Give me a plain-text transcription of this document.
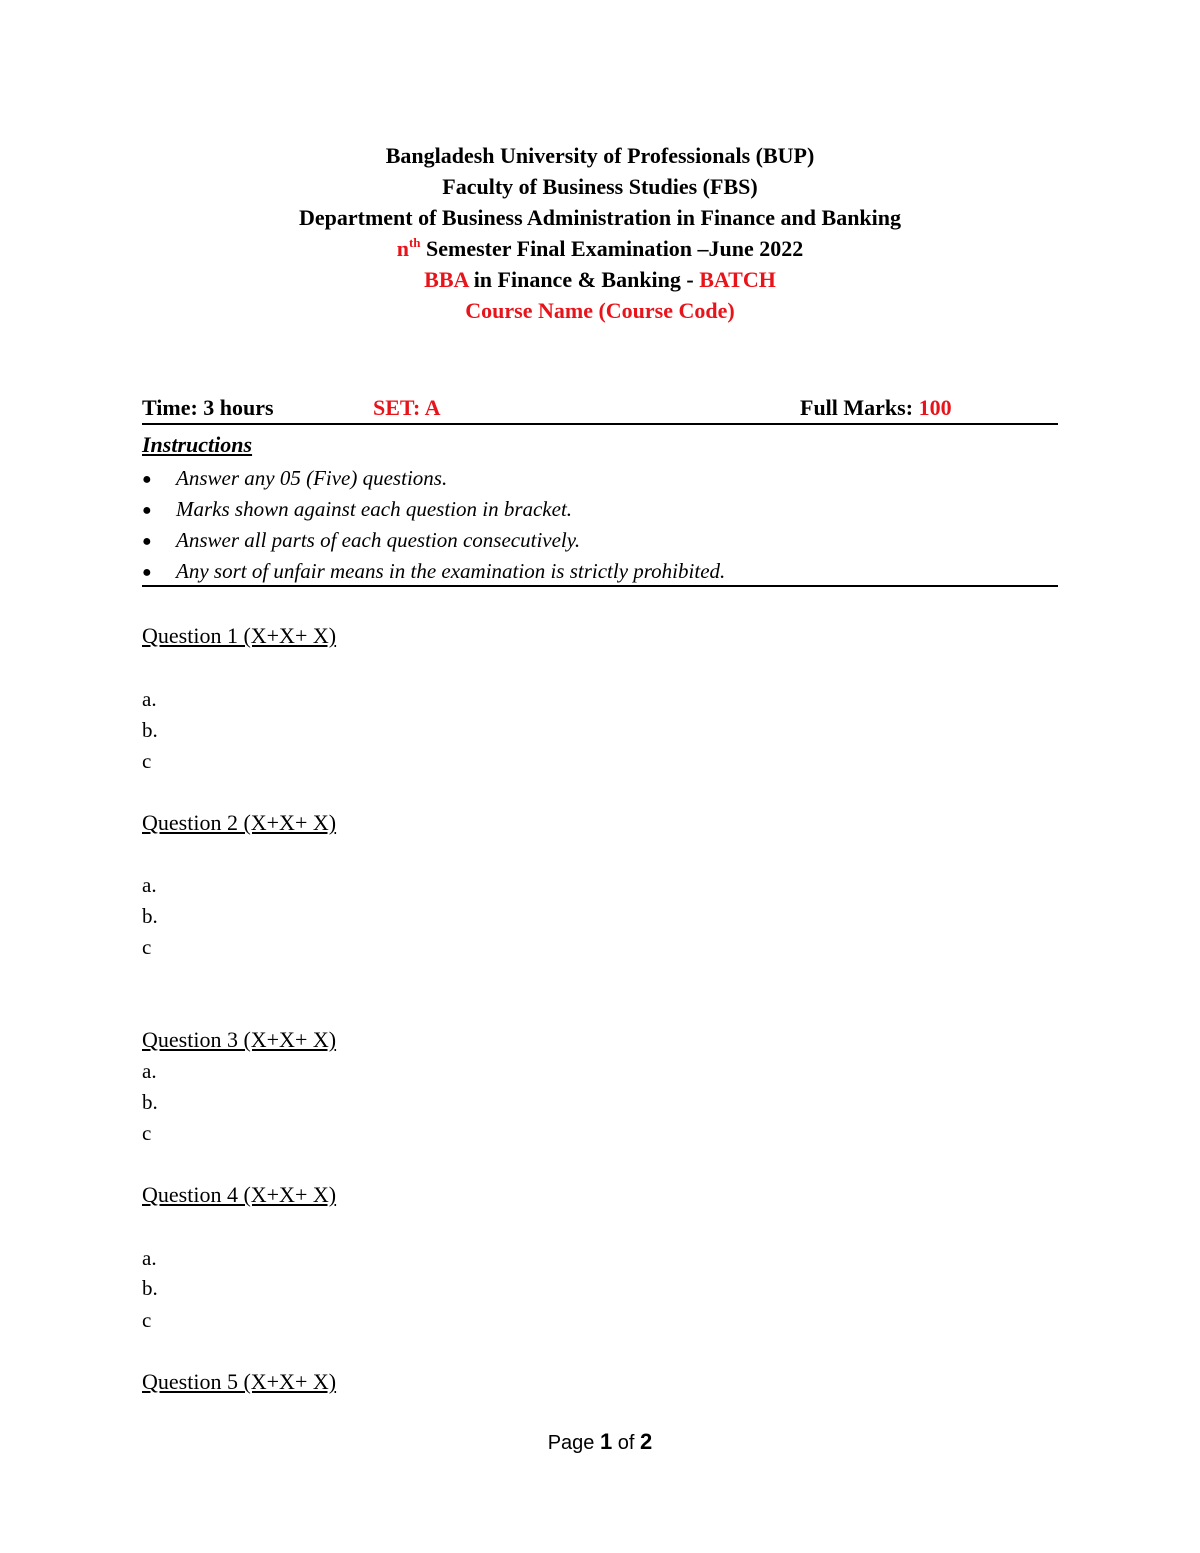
Bangladesh University of Professionals (BUP)
Faculty of Business Studies (FBS)
Department of Business Administration in Finance and Banking
$n^{th}$ Semester Final Examination –June 2022
BBA in Finance & Banking - BATCH
Course Name (Course Code)
Time: 3 hours	SET: A	Full Marks: 100
Instructions
● Answer any 05 (Five) questions.
● Marks shown against each question in bracket.
● Answer all parts of each question consecutively.
● Any sort of unfair means in the examination is strictly prohibited.
Question 1 (X+X+ X)
a.
b.
c
Question 2 (X+X+ X)
a.
b.
c
Question 3 (X+X+ X)
a.
b.
c
Question 4 (X+X+ X)
a.
b.
c
Question 5 (X+X+ X)
Page 1 of 2
